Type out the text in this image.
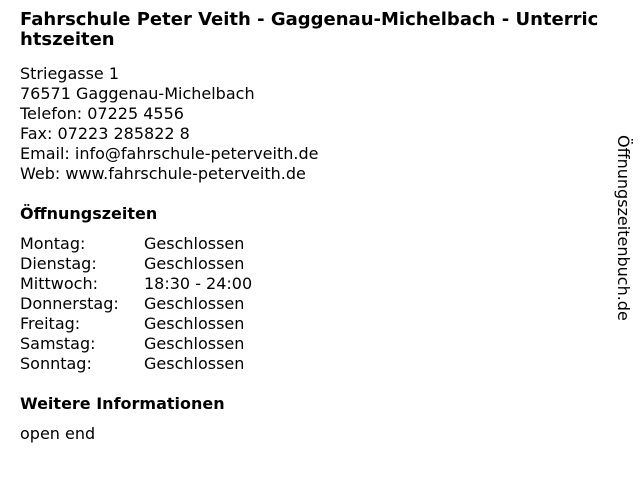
Fahrschule Peter Veith - Gaggenau-Michelbach - Unterrichtszeiten
Striegasse 1
76571 Gaggenau-Michelbach
Telefon: 07225 4556
Fax: 07223 285822 8
Email: info@fahrschule-peterveith.de
Web: www.fahrschule-peterveith.de
Öffnungszeiten
Montag:	Geschlossen
Dienstag:	Geschlossen
Mittwoch:	18:30 - 24:00
Donnerstag:	Geschlossen
Freitag:	Geschlossen
Samstag:	Geschlossen
Sonntag:	Geschlossen
Weitere Informationen
open end
Öffnungszeitenbuch.de
